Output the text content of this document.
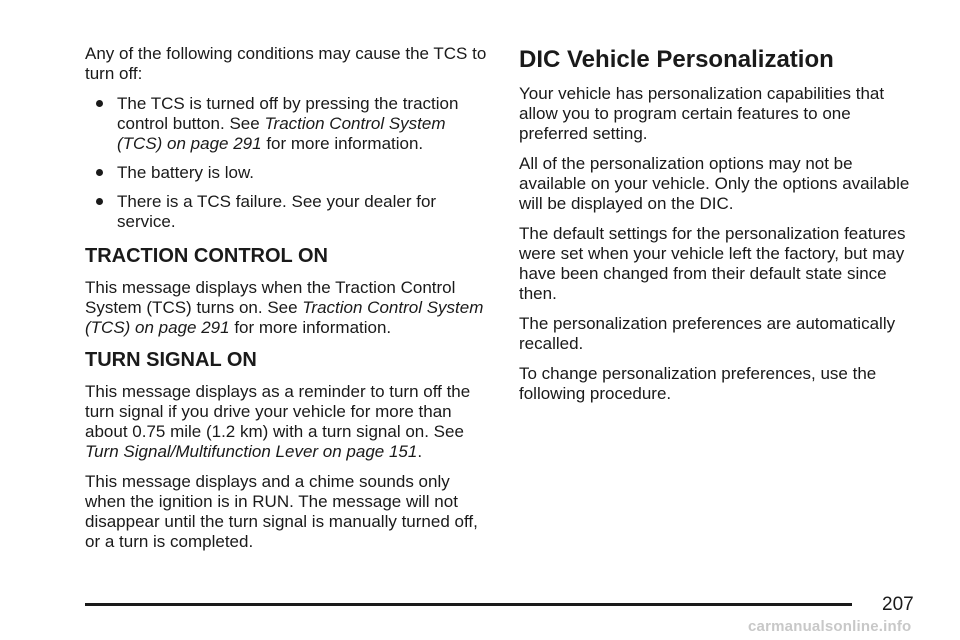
Any of the following conditions may cause the TCS to turn off:

The TCS is turned off by pressing the traction control button. See Traction Control System (TCS) on page 291 for more information.
The battery is low.
There is a TCS failure. See your dealer for service.
TRACTION CONTROL ON

This message displays when the Traction Control System (TCS) turns on. See Traction Control System (TCS) on page 291 for more information.

TURN SIGNAL ON

This message displays as a reminder to turn off the turn signal if you drive your vehicle for more than about 0.75 mile (1.2 km) with a turn signal on. See Turn Signal/Multifunction Lever on page 151.

This message displays and a chime sounds only when the ignition is in RUN. The message will not disappear until the turn signal is manually turned off, or a turn is completed.

DIC Vehicle Personalization

Your vehicle has personalization capabilities that allow you to program certain features to one preferred setting.

All of the personalization options may not be available on your vehicle. Only the options available will be displayed on the DIC.

The default settings for the personalization features were set when your vehicle left the factory, but may have been changed from their default state since then.

The personalization preferences are automatically recalled.

To change personalization preferences, use the following procedure.

207
carmanualsonline.info
